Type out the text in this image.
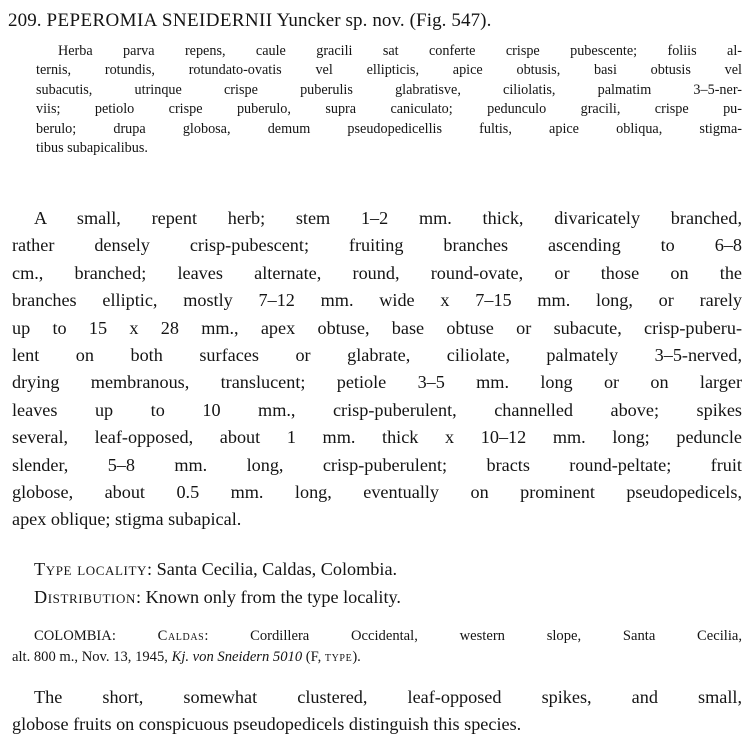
209. PEPEROMIA SNEIDERNII Yuncker sp. nov. (Fig. 547).
Herba parva repens, caule gracili sat conferte crispe pubescente; foliis al-
ternis, rotundis, rotundato-ovatis vel ellipticis, apice obtusis, basi obtusis vel
subacutis, utrinque crispe puberulis glabratisve, ciliolatis, palmatim 3–5-ner-
viis; petiolo crispe puberulo, supra caniculato; pedunculo gracili, crispe pu-
berulo; drupa globosa, demum pseudopedicellis fultis, apice obliqua, stigma-
tibus subapicalibus.
A small, repent herb; stem 1–2 mm. thick, divaricately branched,
rather densely crisp-pubescent; fruiting branches ascending to 6–8
cm., branched; leaves alternate, round, round-ovate, or those on the
branches elliptic, mostly 7–12 mm. wide x 7–15 mm. long, or rarely
up to 15 x 28 mm., apex obtuse, base obtuse or subacute, crisp-puberu-
lent on both surfaces or glabrate, ciliolate, palmately 3–5-nerved,
drying membranous, translucent; petiole 3–5 mm. long or on larger
leaves up to 10 mm., crisp-puberulent, channelled above; spikes
several, leaf-opposed, about 1 mm. thick x 10–12 mm. long; peduncle
slender, 5–8 mm. long, crisp-puberulent; bracts round-peltate; fruit
globose, about 0.5 mm. long, eventually on prominent pseudopedicels,
apex oblique; stigma subapical.
Type locality: Santa Cecilia, Caldas, Colombia.
Distribution: Known only from the type locality.
COLOMBIA: Caldas: Cordillera Occidental, western slope, Santa Cecilia,
alt. 800 m., Nov. 13, 1945, Kj. von Sneidern 5010 (F, type).
The short, somewhat clustered, leaf-opposed spikes, and small,
globose fruits on conspicuous pseudopedicels distinguish this species.
